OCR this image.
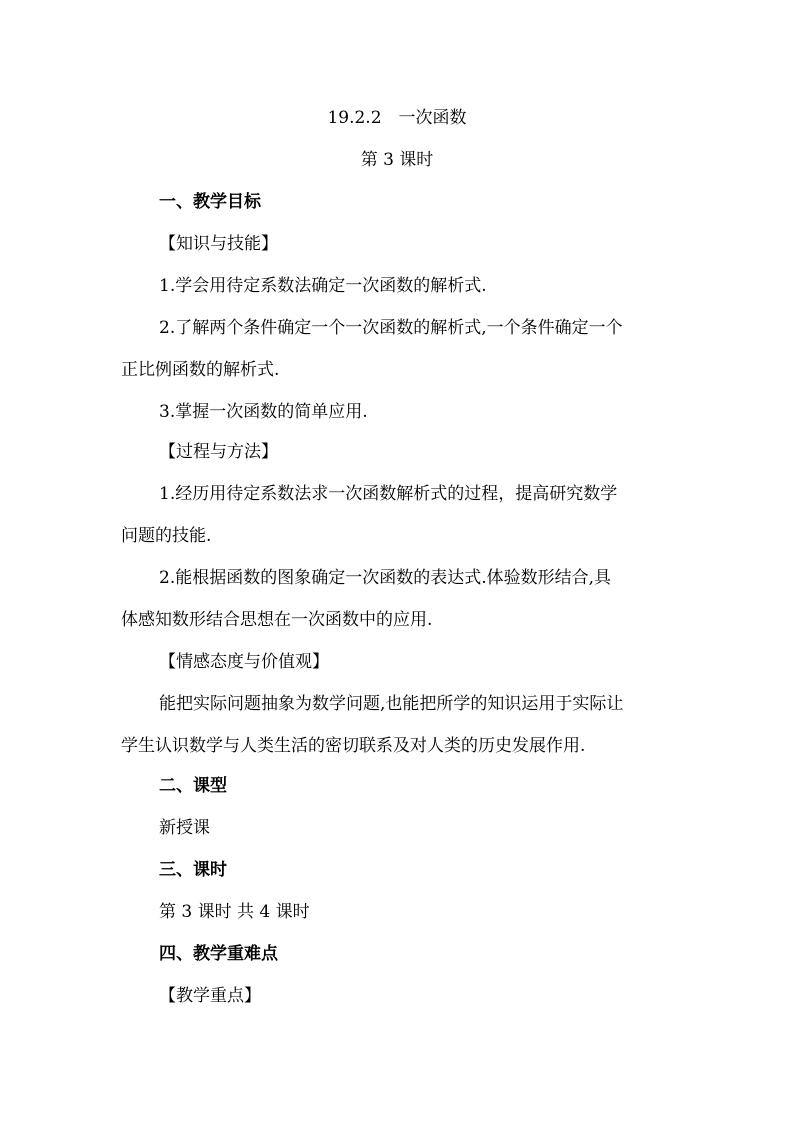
19.2.2　一次函数
第 3 课时
一、教学目标
【知识与技能】
1.学会用待定系数法确定一次函数的解析式.
2.了解两个条件确定一个一次函数的解析式,一个条件确定一个
正比例函数的解析式.
3.掌握一次函数的简单应用.
【过程与方法】
1.经历用待定系数法求一次函数解析式的过程，提高研究数学
问题的技能.
2.能根据函数的图象确定一次函数的表达式.体验数形结合,具
体感知数形结合思想在一次函数中的应用.
【情感态度与价值观】
能把实际问题抽象为数学问题,也能把所学的知识运用于实际让
学生认识数学与人类生活的密切联系及对人类的历史发展作用.
二、课型
新授课
三、课时
第 3 课时 共 4 课时
四、教学重难点
【教学重点】
